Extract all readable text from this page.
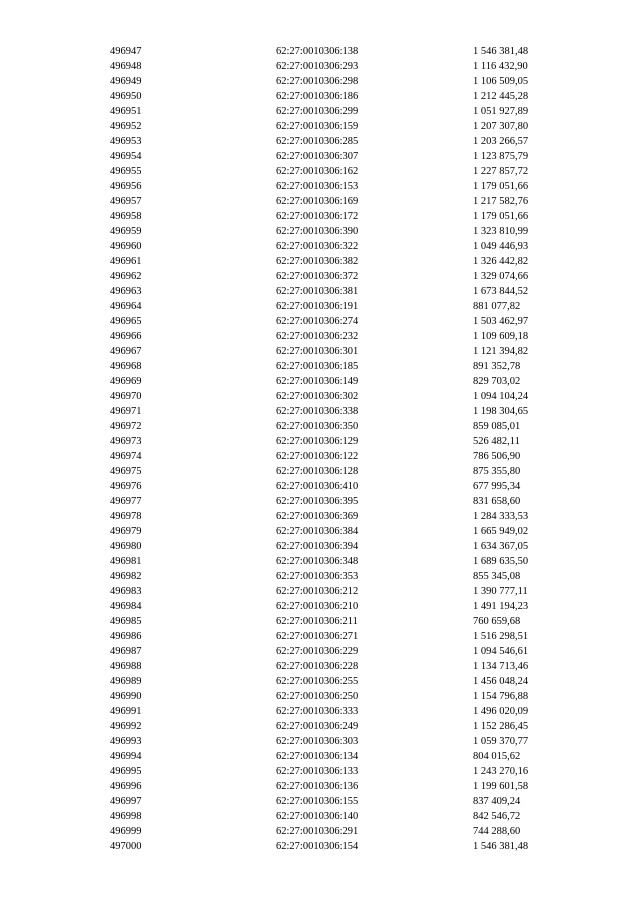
496947	62:27:0010306:138	1 546 381,48
496948	62:27:0010306:293	1 116 432,90
496949	62:27:0010306:298	1 106 509,05
496950	62:27:0010306:186	1 212 445,28
496951	62:27:0010306:299	1 051 927,89
496952	62:27:0010306:159	1 207 307,80
496953	62:27:0010306:285	1 203 266,57
496954	62:27:0010306:307	1 123 875,79
496955	62:27:0010306:162	1 227 857,72
496956	62:27:0010306:153	1 179 051,66
496957	62:27:0010306:169	1 217 582,76
496958	62:27:0010306:172	1 179 051,66
496959	62:27:0010306:390	1 323 810,99
496960	62:27:0010306:322	1 049 446,93
496961	62:27:0010306:382	1 326 442,82
496962	62:27:0010306:372	1 329 074,66
496963	62:27:0010306:381	1 673 844,52
496964	62:27:0010306:191	881 077,82
496965	62:27:0010306:274	1 503 462,97
496966	62:27:0010306:232	1 109 609,18
496967	62:27:0010306:301	1 121 394,82
496968	62:27:0010306:185	891 352,78
496969	62:27:0010306:149	829 703,02
496970	62:27:0010306:302	1 094 104,24
496971	62:27:0010306:338	1 198 304,65
496972	62:27:0010306:350	859 085,01
496973	62:27:0010306:129	526 482,11
496974	62:27:0010306:122	786 506,90
496975	62:27:0010306:128	875 355,80
496976	62:27:0010306:410	677 995,34
496977	62:27:0010306:395	831 658,60
496978	62:27:0010306:369	1 284 333,53
496979	62:27:0010306:384	1 665 949,02
496980	62:27:0010306:394	1 634 367,05
496981	62:27:0010306:348	1 689 635,50
496982	62:27:0010306:353	855 345,08
496983	62:27:0010306:212	1 390 777,11
496984	62:27:0010306:210	1 491 194,23
496985	62:27:0010306:211	760 659,68
496986	62:27:0010306:271	1 516 298,51
496987	62:27:0010306:229	1 094 546,61
496988	62:27:0010306:228	1 134 713,46
496989	62:27:0010306:255	1 456 048,24
496990	62:27:0010306:250	1 154 796,88
496991	62:27:0010306:333	1 496 020,09
496992	62:27:0010306:249	1 152 286,45
496993	62:27:0010306:303	1 059 370,77
496994	62:27:0010306:134	804 015,62
496995	62:27:0010306:133	1 243 270,16
496996	62:27:0010306:136	1 199 601,58
496997	62:27:0010306:155	837 409,24
496998	62:27:0010306:140	842 546,72
496999	62:27:0010306:291	744 288,60
497000	62:27:0010306:154	1 546 381,48
